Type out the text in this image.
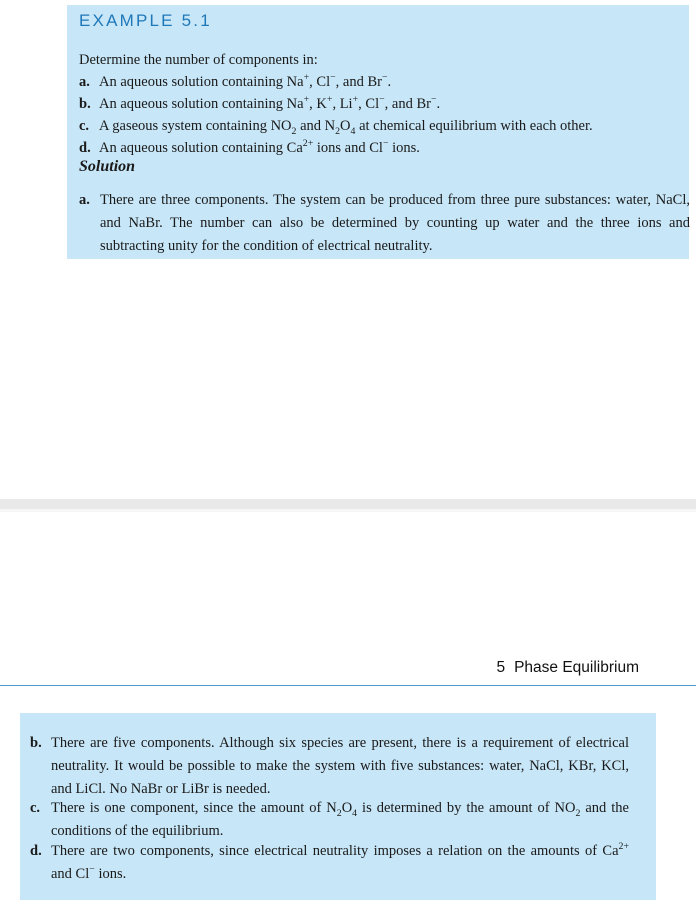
EXAMPLE 5.1

Determine the number of components in:

a. An aqueous solution containing Na+, Cl−, and Br−.
b. An aqueous solution containing Na+, K+, Li+, Cl−, and Br−.
c. A gaseous system containing $NO_2$ and $N_2O_4$ at chemical equilibrium with each other.
d. An aqueous solution containing $Ca^{2+}$ ions and Cl− ions.
Solution

a. There are three components. The system can be produced from three pure substances: water, NaCl, and NaBr. The number can also be determined by counting up water and the three ions and subtracting unity for the condition of electrical neutrality.

5 Phase Equilibrium

b. There are five components. Although six species are present, there is a requirement of electrical neutrality. It would be possible to make the system with five substances: water, NaCl, KBr, KCl, and LiCl. No NaBr or LiBr is needed.

c. There is one component, since the amount of $N_2O_4$ is determined by the amount of $NO_2$ and the conditions of the equilibrium.

d. There are two components, since electrical neutrality imposes a relation on the amounts of $Ca^{2+}$ and Cl− ions.
